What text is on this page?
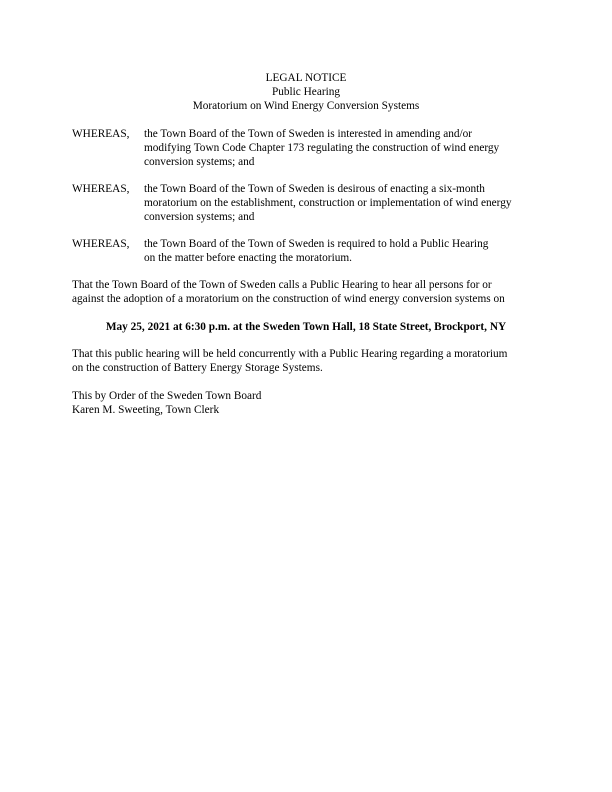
LEGAL NOTICE
Public Hearing
Moratorium on Wind Energy Conversion Systems
WHEREAS, the Town Board of the Town of Sweden is interested in amending and/or
modifying Town Code Chapter 173 regulating the construction of wind energy
conversion systems; and
WHEREAS, the Town Board of the Town of Sweden is desirous of enacting a six-month
moratorium on the establishment, construction or implementation of wind energy
conversion systems; and
WHEREAS, the Town Board of the Town of Sweden is required to hold a Public Hearing
on the matter before enacting the moratorium.
That the Town Board of the Town of Sweden calls a Public Hearing to hear all persons for or
against the adoption of a moratorium on the construction of wind energy conversion systems on
May 25, 2021 at 6:30 p.m. at the Sweden Town Hall, 18 State Street, Brockport, NY
That this public hearing will be held concurrently with a Public Hearing regarding a moratorium
on the construction of Battery Energy Storage Systems.
This by Order of the Sweden Town Board
Karen M. Sweeting, Town Clerk
